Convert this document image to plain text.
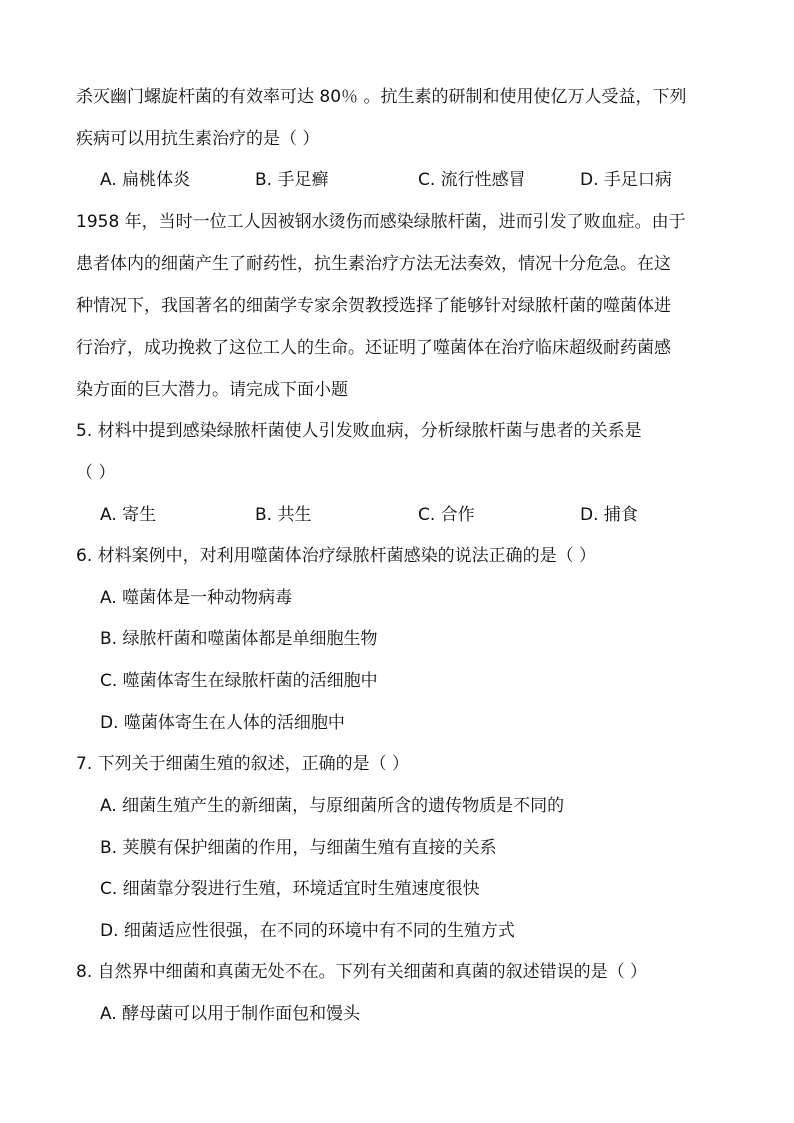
杀灭幽门螺旋杆菌的有效率可达 80％ 。抗生素的研制和使用使亿万人受益，下列
疾病可以用抗生素治疗的是（ ）
A. 扁桃体炎	B. 手足癣	C. 流行性感冒	D. 手足口病
1958 年，当时一位工人因被钢水烫伤而感染绿脓杆菌，进而引发了败血症。由于
患者体内的细菌产生了耐药性，抗生素治疗方法无法奏效，情况十分危急。在这
种情况下，我国著名的细菌学专家余贺教授选择了能够针对绿脓杆菌的噬菌体进
行治疗，成功挽救了这位工人的生命。还证明了噬菌体在治疗临床超级耐药菌感
染方面的巨大潜力。请完成下面小题
5. 材料中提到感染绿脓杆菌使人引发败血病，分析绿脓杆菌与患者的关系是
（ ）
A. 寄生	B. 共生	C. 合作	D. 捕食
6. 材料案例中，对利用噬菌体治疗绿脓杆菌感染的说法正确的是（ ）
A. 噬菌体是一种动物病毒
B. 绿脓杆菌和噬菌体都是单细胞生物
C. 噬菌体寄生在绿脓杆菌的活细胞中
D. 噬菌体寄生在人体的活细胞中
7. 下列关于细菌生殖的叙述，正确的是（ ）
A. 细菌生殖产生的新细菌，与原细菌所含的遗传物质是不同的
B. 荚膜有保护细菌的作用，与细菌生殖有直接的关系
C. 细菌靠分裂进行生殖，环境适宜时生殖速度很快
D. 细菌适应性很强，在不同的环境中有不同的生殖方式
8. 自然界中细菌和真菌无处不在。下列有关细菌和真菌的叙述错误的是（ ）
A. 酵母菌可以用于制作面包和馒头
